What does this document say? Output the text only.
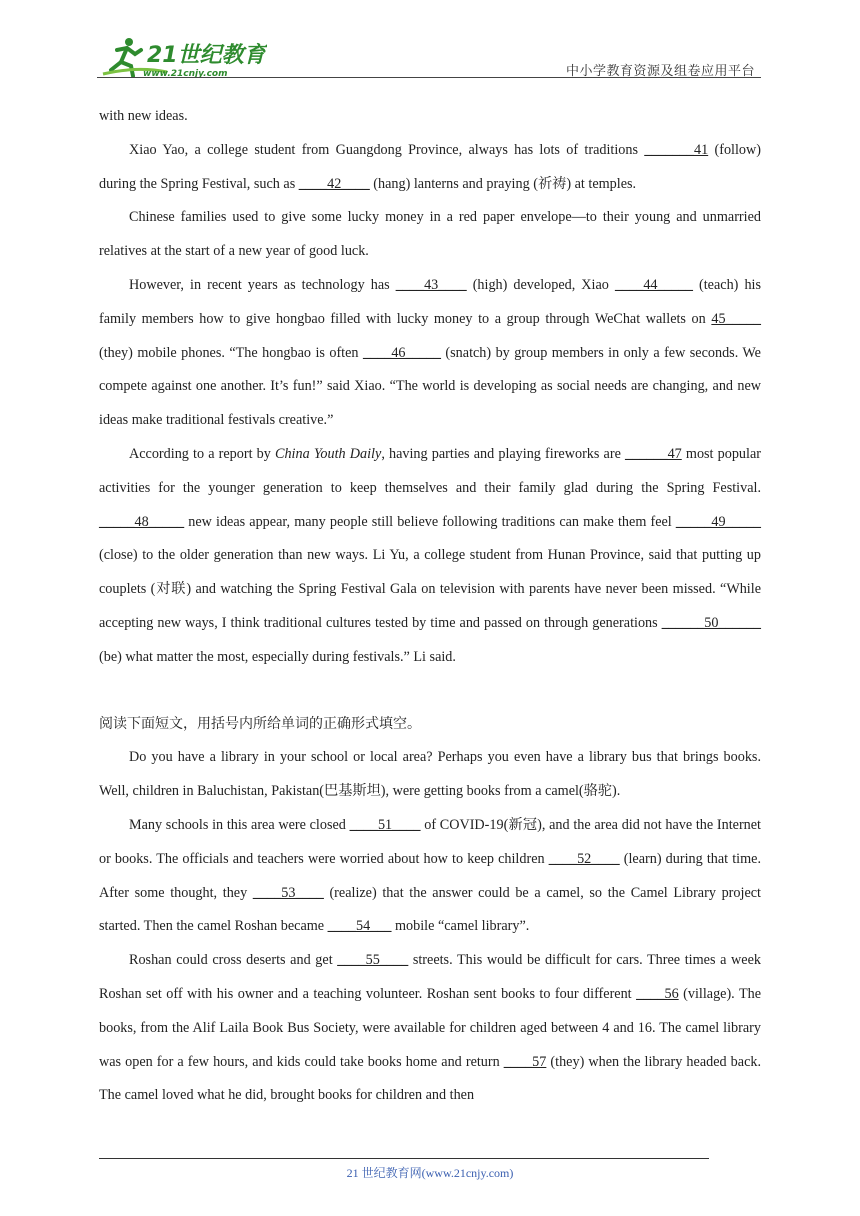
21世纪教育
www.21cnjy.com	中小学教育资源及组卷应用平台

with new ideas.

Xiao Yao, a college student from Guangdong Province, always has lots of traditions _______41 (follow) during the Spring Festival, such as ____42____ (hang) lanterns and praying (祈祷) at temples.

Chinese families used to give some lucky money in a red paper envelope—to their young and unmarried relatives at the start of a new year of good luck.

However, in recent years as technology has ____43____ (high) developed, Xiao ____44_____ (teach) his family members how to give hongbao filled with lucky money to a group through WeChat wallets on 45_____ (they) mobile phones. “The hongbao is often ____46_____ (snatch) by group members in only a few seconds. We compete against one another. It’s fun!” said Xiao. “The world is developing as social needs are changing, and new ideas make traditional festivals creative.”

According to a report by China Youth Daily, having parties and playing fireworks are ______47 most popular activities for the younger generation to keep themselves and their family glad during the Spring Festival. _____48_____ new ideas appear, many people still believe following traditions can make them feel _____49_____ (close) to the older generation than new ways. Li Yu, a college student from Hunan Province, said that putting up couplets (对联) and watching the Spring Festival Gala on television with parents have never been missed. “While accepting new ways, I think traditional cultures tested by time and passed on through generations ______50______ (be) what matter the most, especially during festivals.” Li said.

阅读下面短文，用括号内所给单词的正确形式填空。

Do you have a library in your school or local area? Perhaps you even have a library bus that brings books. Well, children in Baluchistan, Pakistan(巴基斯坦), were getting books from a camel(骆驼).

Many schools in this area were closed ____51____ of COVID-19(新冠), and the area did not have the Internet or books. The officials and teachers were worried about how to keep children ____52____ (learn) during that time. After some thought, they ____53____ (realize) that the answer could be a camel, so the Camel Library project started. Then the camel Roshan became ____54___ mobile “camel library”.

Roshan could cross deserts and get ____55____ streets. This would be difficult for cars. Three times a week Roshan set off with his owner and a teaching volunteer. Roshan sent books to four different ____56 (village). The books, from the Alif Laila Book Bus Society, were available for children aged between 4 and 16. The camel library was open for a few hours, and kids could take books home and return ____57 (they) when the library headed back. The camel loved what he did, brought books for children and then

21 世纪教育网(www.21cnjy.com)
